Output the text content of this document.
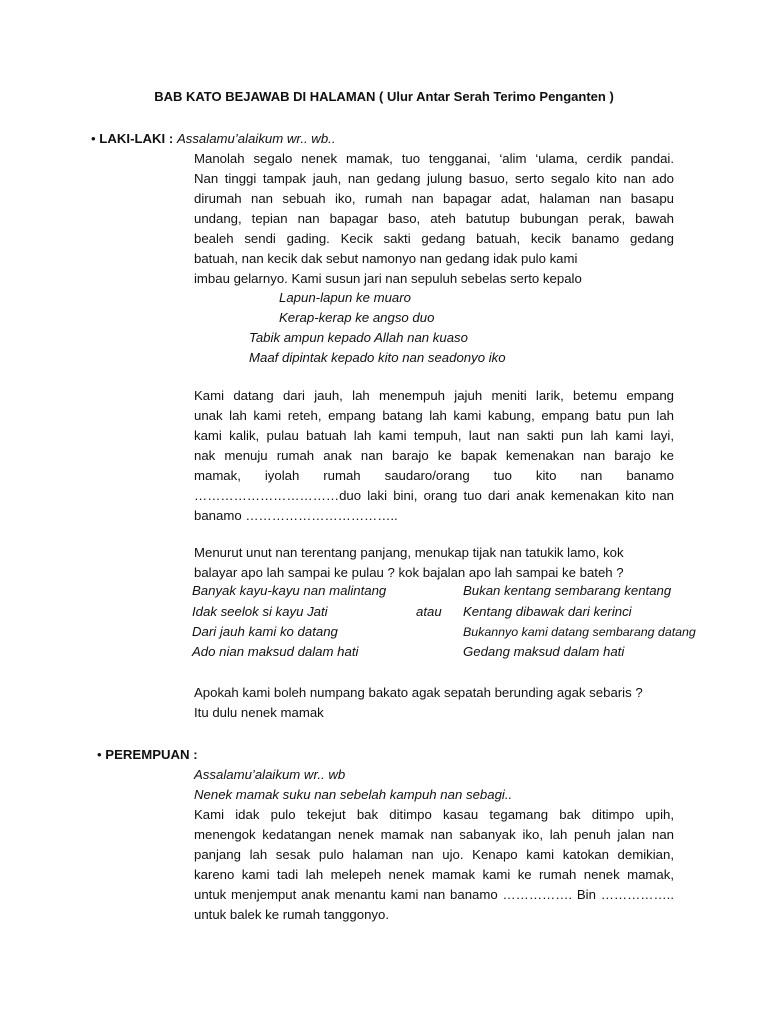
BAB KATO BEJAWAB DI HALAMAN ( Ulur Antar Serah Terimo Penganten )
• LAKI-LAKI : Assalamu’alaikum wr.. wb..
Manolah segalo nenek mamak, tuo tengganai, ‘alim ‘ulama, cerdik pandai.
Nan tinggi tampak jauh, nan gedang julung basuo, serto segalo kito nan ado
dirumah nan sebuah iko, rumah nan bapagar adat, halaman nan basapu
undang, tepian nan bapagar baso, ateh batutup bubungan perak, bawah
bealeh sendi gading. Kecik sakti gedang batuah, kecik banamo gedang
batuah, nan kecik dak sebut namonyo nan gedang idak pulo kami
imbau gelarnyo. Kami susun jari nan sepuluh sebelas serto kepalo
Lapun-lapun ke muaro
Kerap-kerap ke angso duo
Tabik ampun kepado Allah nan kuaso
Maaf dipintak kepado kito nan seadonyo iko
Kami datang dari jauh, lah menempuh jajuh meniti larik, betemu empang
unak lah kami reteh, empang batang lah kami kabung, empang batu pun lah
kami kalik, pulau batuah lah kami tempuh, laut nan sakti pun lah kami layi,
nak menuju rumah anak nan barajo ke bapak kemenakan nan barajo ke
mamak, iyolah rumah saudaro/orang tuo kito nan banamo
……………………………duo laki bini, orang tuo dari anak kemenakan kito nan
banamo ……………………………..
Menurut unut nan terentang panjang, menukap tijak nan tatukik lamo, kok
balayar apo lah sampai ke pulau ? kok bajalan apo lah sampai ke bateh ?
Banyak kayu-kayu nan malintang
Idak seelok si kayu Jati
Dari jauh kami ko datang
Ado nian maksud dalam hati
atau
Bukan kentang sembarang kentang
Kentang dibawak dari kerinci
Bukannyo kami datang sembarang datang
Gedang maksud dalam hati
Apokah kami boleh numpang bakato agak sepatah berunding agak sebaris ?
Itu dulu nenek mamak
• PEREMPUAN :
Assalamu’alaikum wr.. wb
Nenek mamak suku nan sebelah kampuh nan sebagi..
Kami idak pulo tekejut bak ditimpo kasau tegamang bak ditimpo upih,
menengok kedatangan nenek mamak nan sabanyak iko, lah penuh jalan nan
panjang lah sesak pulo halaman nan ujo. Kenapo kami katokan demikian,
kareno kami tadi lah melepeh nenek mamak kami ke rumah nenek mamak,
untuk menjemput anak menantu kami nan banamo ……………. Bin ……………..
untuk balek ke rumah tanggonyo.
